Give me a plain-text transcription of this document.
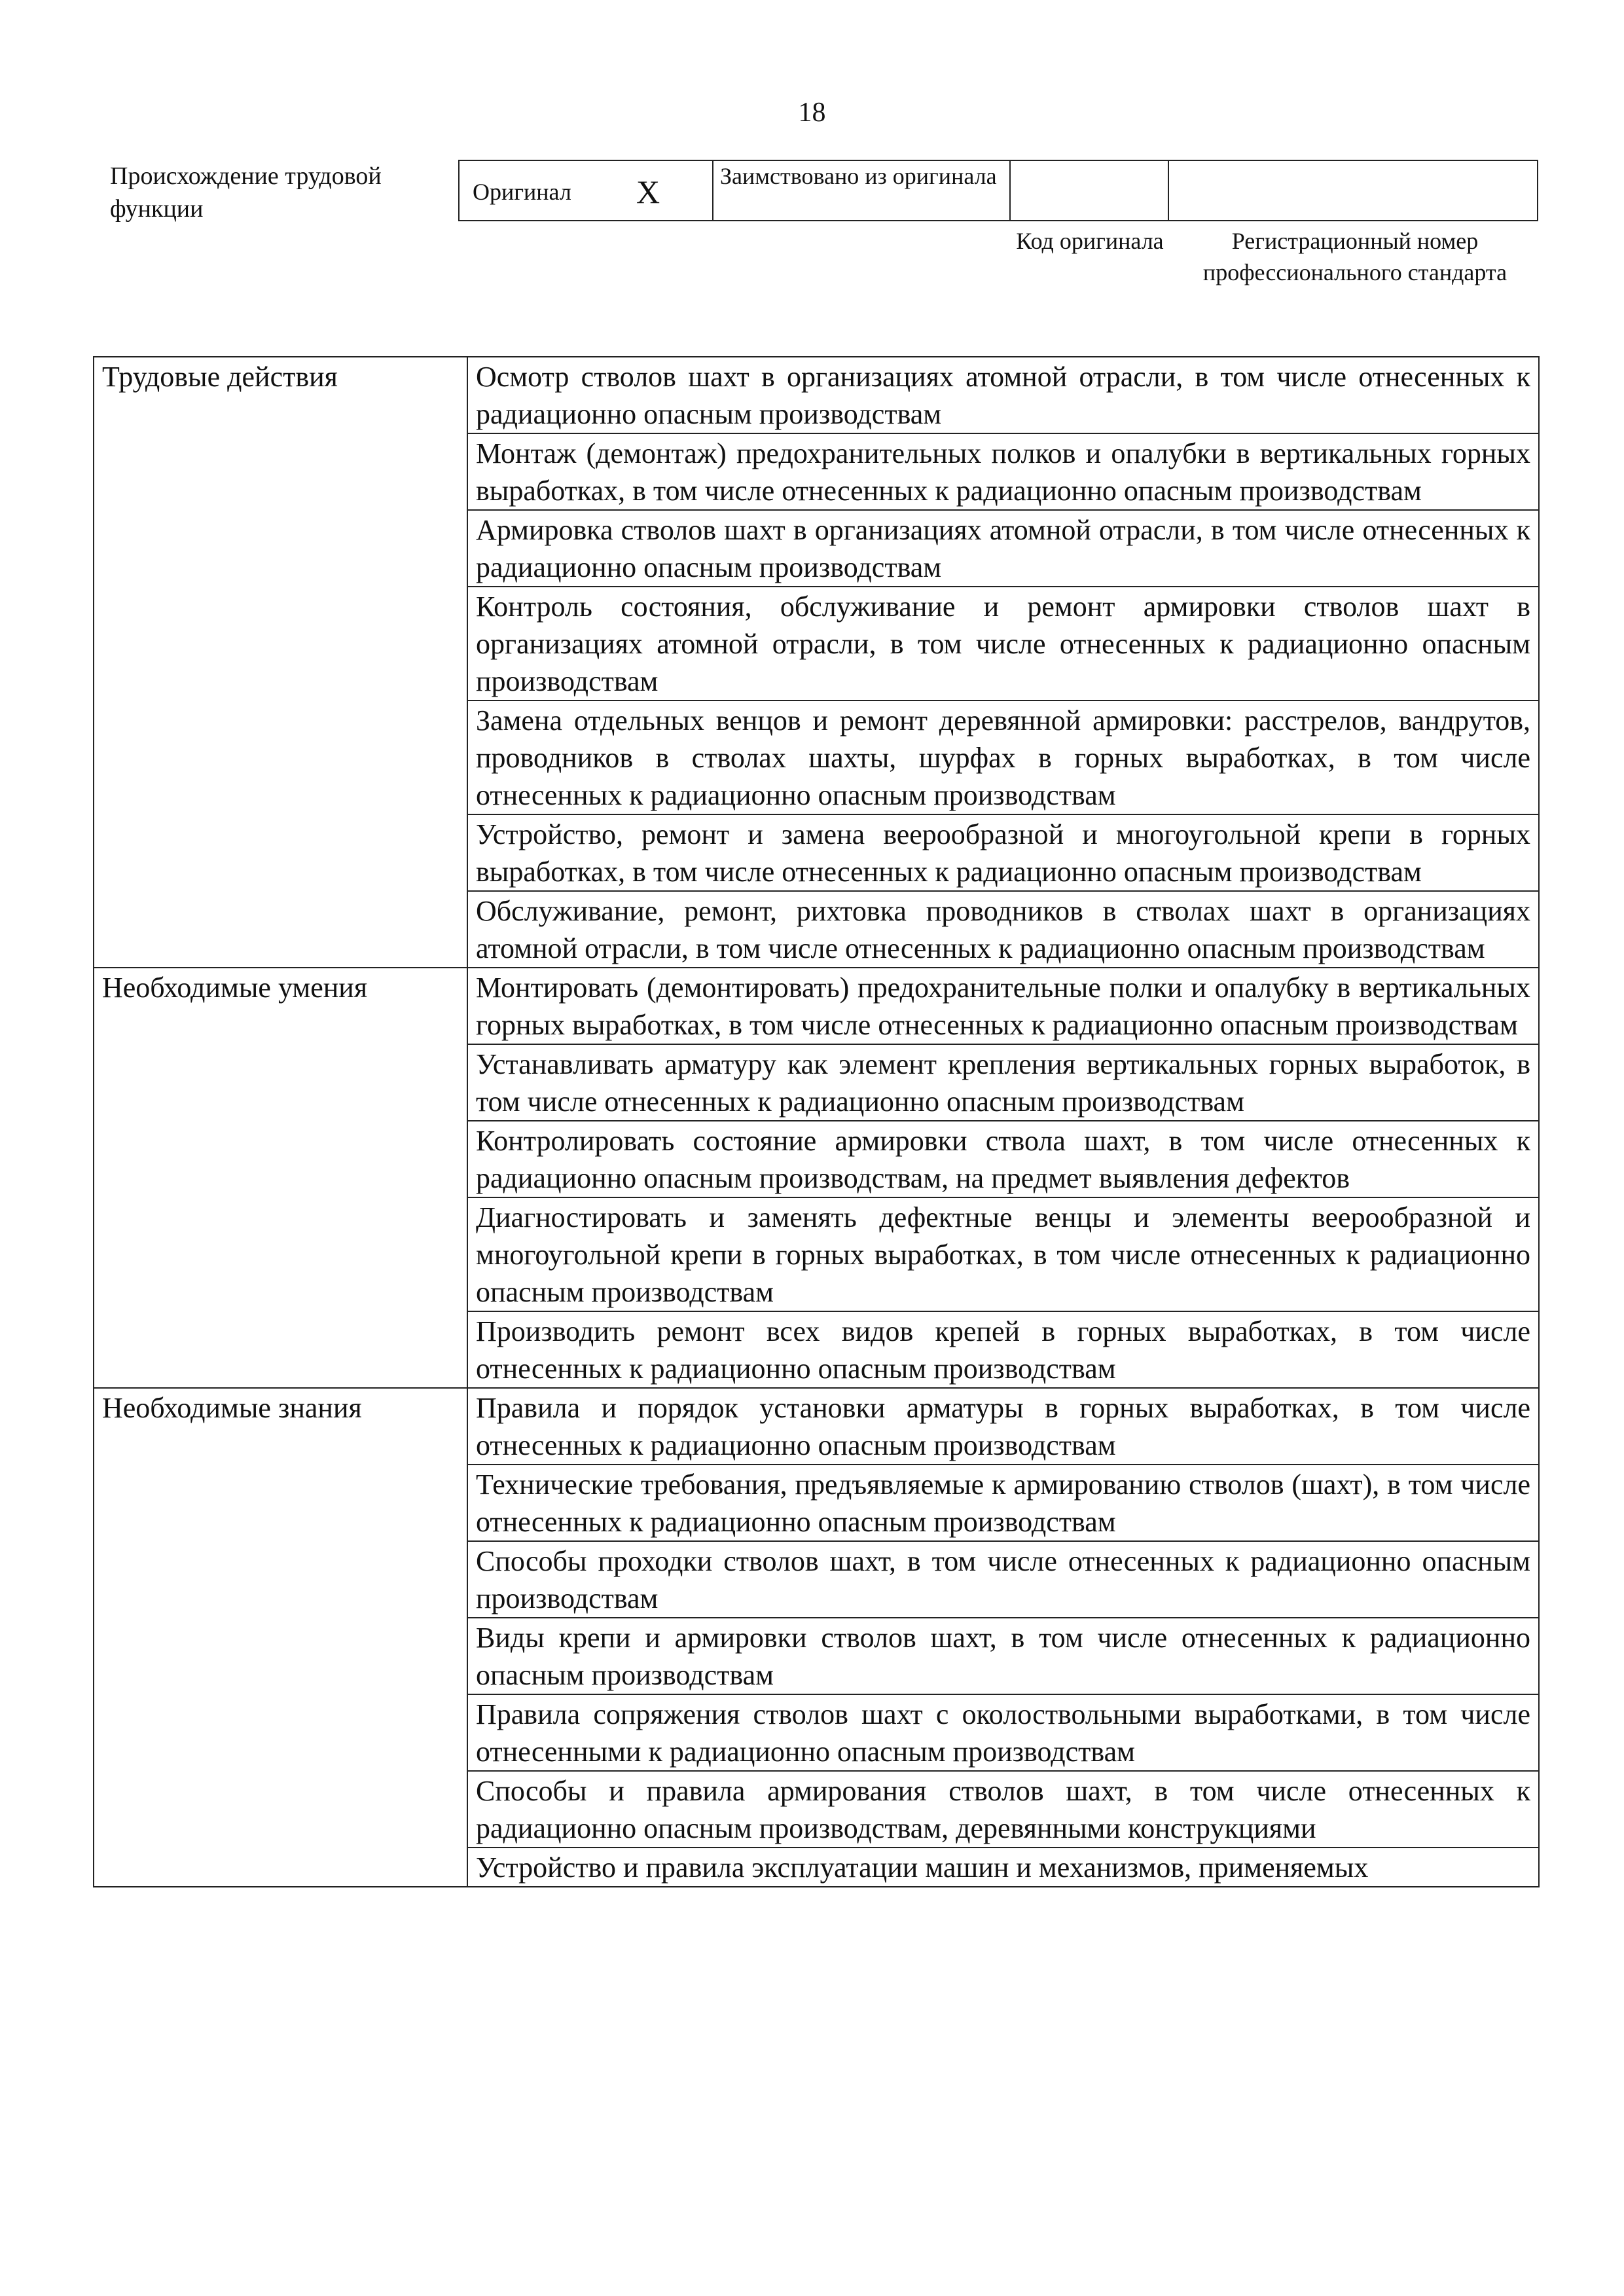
18
Происхождение трудовой функции
Оригинал X	Заимствовано из оригинала
Код оригинала	Регистрационный номер профессионального стандарта
Трудовые действия	Осмотр стволов шахт в организациях атомной отрасли, в том числе отнесенных к радиационно опасным производствам
	Монтаж (демонтаж) предохранительных полков и опалубки в вертикальных горных выработках, в том числе отнесенных к радиационно опасным производствам
	Армировка стволов шахт в организациях атомной отрасли, в том числе отнесенных к радиационно опасным производствам
	Контроль состояния, обслуживание и ремонт армировки стволов шахт в организациях атомной отрасли, в том числе отнесенных к радиационно опасным производствам
	Замена отдельных венцов и ремонт деревянной армировки: расстрелов, вандрутов, проводников в стволах шахты, шурфах в горных выработках, в том числе отнесенных к радиационно опасным производствам
	Устройство, ремонт и замена веерообразной и многоугольной крепи в горных выработках, в том числе отнесенных к радиационно опасным производствам
	Обслуживание, ремонт, рихтовка проводников в стволах шахт в организациях атомной отрасли, в том числе отнесенных к радиационно опасным производствам
Необходимые умения	Монтировать (демонтировать) предохранительные полки и опалубку в вертикальных горных выработках, в том числе отнесенных к радиационно опасным производствам
	Устанавливать арматуру как элемент крепления вертикальных горных выработок, в том числе отнесенных к радиационно опасным производствам
	Контролировать состояние армировки ствола шахт, в том числе отнесенных к радиационно опасным производствам, на предмет выявления дефектов
	Диагностировать и заменять дефектные венцы и элементы веерообразной и многоугольной крепи в горных выработках, в том числе отнесенных к радиационно опасным производствам
	Производить ремонт всех видов крепей в горных выработках, в том числе отнесенных к радиационно опасным производствам
Необходимые знания	Правила и порядок установки арматуры в горных выработках, в том числе отнесенных к радиационно опасным производствам
	Технические требования, предъявляемые к армированию стволов (шахт), в том числе отнесенных к радиационно опасным производствам
	Способы проходки стволов шахт, в том числе отнесенных к радиационно опасным производствам
	Виды крепи и армировки стволов шахт, в том числе отнесенных к радиационно опасным производствам
	Правила сопряжения стволов шахт с околоствольными выработками, в том числе отнесенными к радиационно опасным производствам
	Способы и правила армирования стволов шахт, в том числе отнесенных к радиационно опасным производствам, деревянными конструкциями
	Устройство и правила эксплуатации машин и механизмов, применяемых
